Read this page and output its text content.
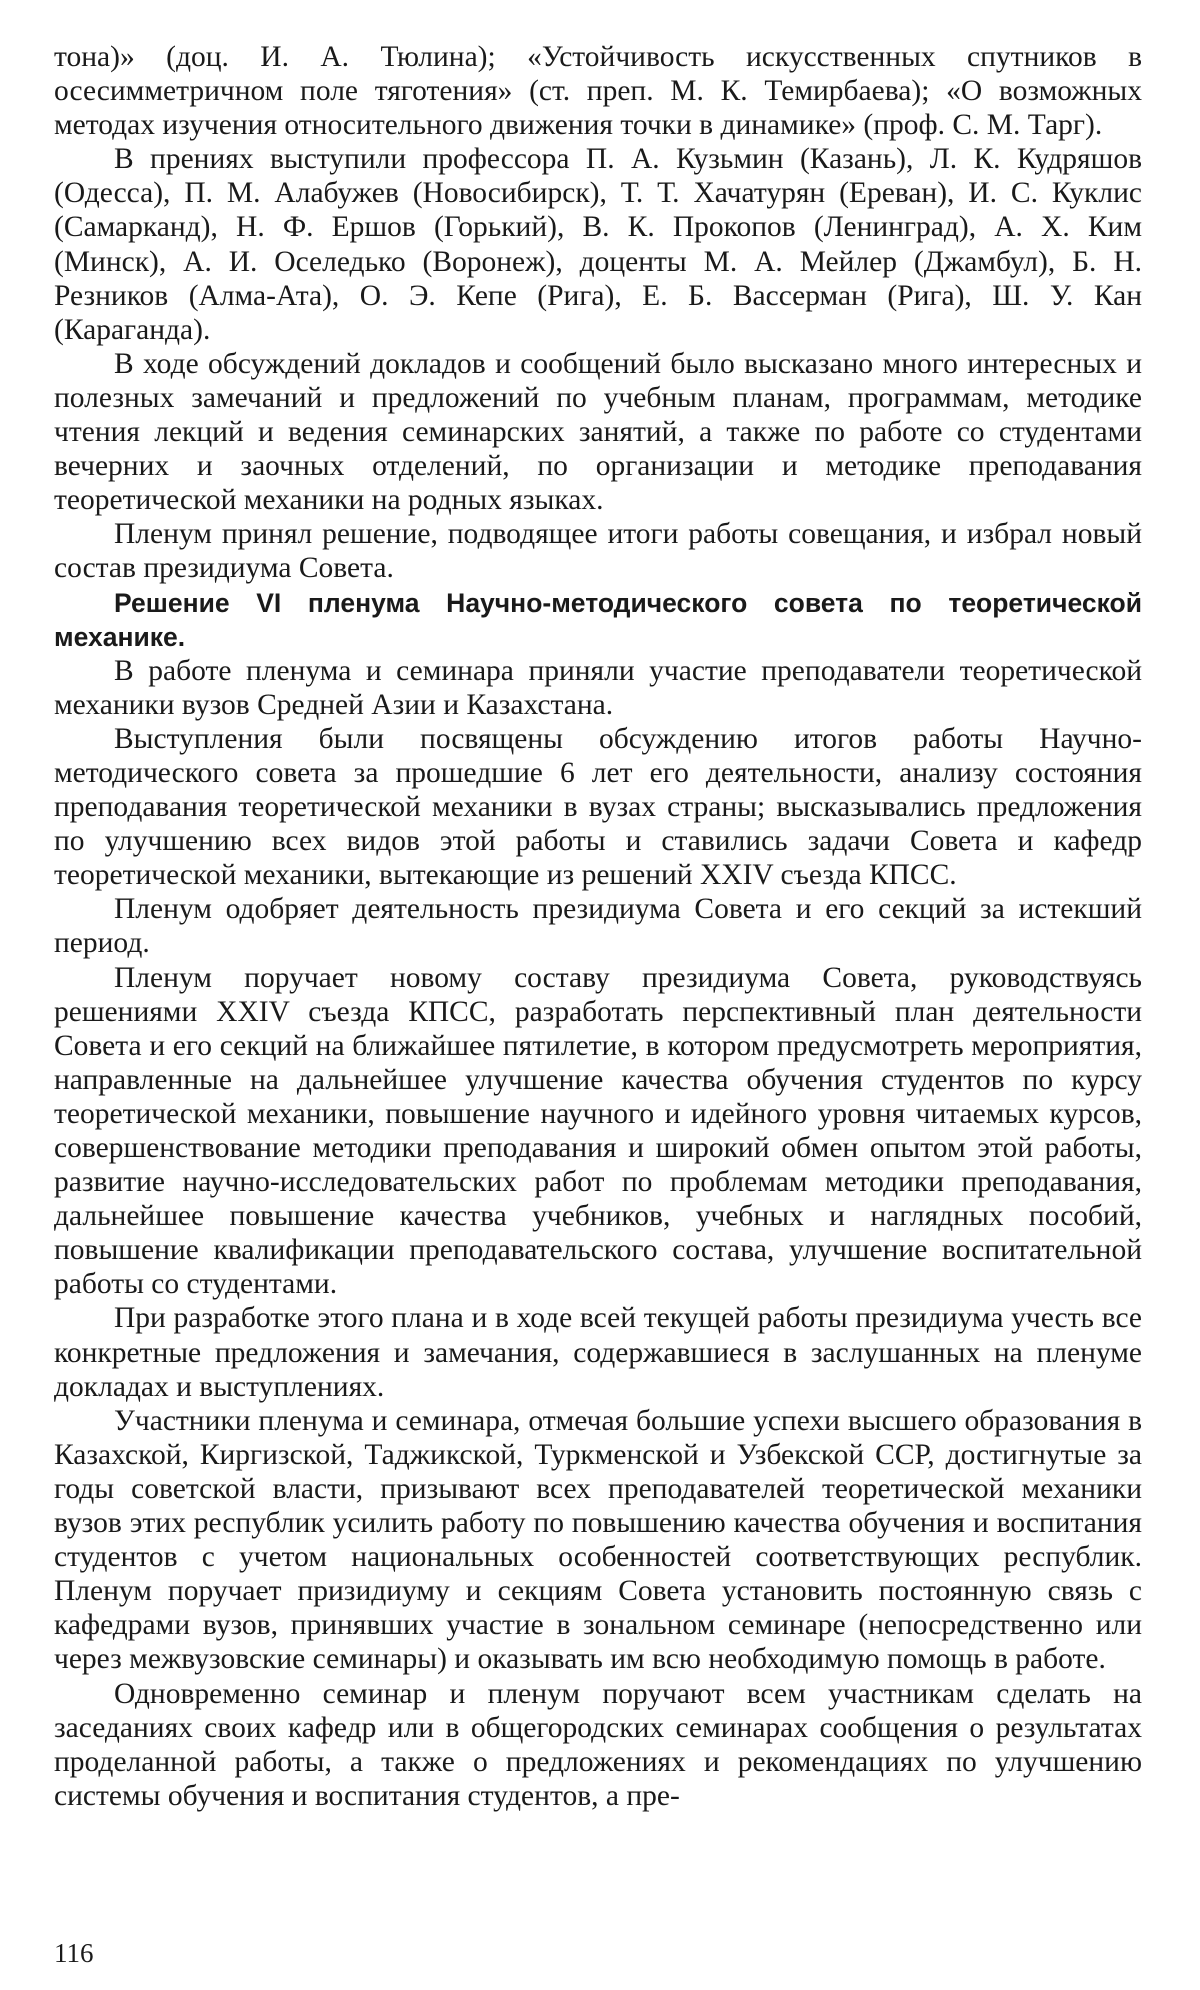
тона)» (доц. И. А. Тюлина); «Устойчивость искусственных спутников в осесимметричном поле тяготения» (ст. преп. М. К. Темирбаева); «О возможных методах изучения относительного движения точки в динамике» (проф. С. М. Тарг).

В прениях выступили профессора П. А. Кузьмин (Казань), Л. К. Кудряшов (Одесса), П. М. Алабужев (Новосибирск), Т. Т. Хачатурян (Ереван), И. С. Куклис (Самарканд), Н. Ф. Ершов (Горький), В. К. Прокопов (Ленинград), А. Х. Ким (Минск), А. И. Оселедько (Воронеж), доценты М. А. Мейлер (Джамбул), Б. Н. Резников (Алма-Ата), О. Э. Кепе (Рига), Е. Б. Вассерман (Рига), Ш. У. Кан (Караганда).

В ходе обсуждений докладов и сообщений было высказано много интересных и полезных замечаний и предложений по учебным планам, программам, методике чтения лекций и ведения семинарских занятий, а также по работе со студентами вечерних и заочных отделений, по организации и методике преподавания теоретической механики на родных языках.

Пленум принял решение, подводящее итоги работы совещания, и избрал новый состав президиума Совета.

Решение VI пленума Научно-методического совета по теоретической механике.

В работе пленума и семинара приняли участие преподаватели теоретической механики вузов Средней Азии и Казахстана.

Выступления были посвящены обсуждению итогов работы Научно-методического совета за прошедшие 6 лет его деятельности, анализу состояния преподавания теоретической механики в вузах страны; высказывались предложения по улучшению всех видов этой работы и ставились задачи Совета и кафедр теоретической механики, вытекающие из решений XXIV съезда КПСС.

Пленум одобряет деятельность президиума Совета и его секций за истекший период.

Пленум поручает новому составу президиума Совета, руководствуясь решениями XXIV съезда КПСС, разработать перспективный план деятельности Совета и его секций на ближайшее пятилетие, в котором предусмотреть мероприятия, направленные на дальнейшее улучшение качества обучения студентов по курсу теоретической механики, повышение научного и идейного уровня читаемых курсов, совершенствование методики преподавания и широкий обмен опытом этой работы, развитие научно-исследовательских работ по проблемам методики преподавания, дальнейшее повышение качества учебников, учебных и наглядных пособий, повышение квалификации преподавательского состава, улучшение воспитательной работы со студентами.

При разработке этого плана и в ходе всей текущей работы президиума учесть все конкретные предложения и замечания, содержавшиеся в заслушанных на пленуме докладах и выступлениях.

Участники пленума и семинара, отмечая большие успехи высшего образования в Казахской, Киргизской, Таджикской, Туркменской и Узбекской ССР, достигнутые за годы советской власти, призывают всех преподавателей теоретической механики вузов этих республик усилить работу по повышению качества обучения и воспитания студентов с учетом национальных особенностей соответствующих республик. Пленум поручает призидиуму и секциям Совета установить постоянную связь с кафедрами вузов, принявших участие в зональном семинаре (непосредственно или через межвузовские семинары) и оказывать им всю необходимую помощь в работе.

Одновременно семинар и пленум поручают всем участникам сделать на заседаниях своих кафедр или в общегородских семинарах сообщения о результатах проделанной работы, а также о предложениях и рекомендациях по улучшению системы обучения и воспитания студентов, а пре-

116
